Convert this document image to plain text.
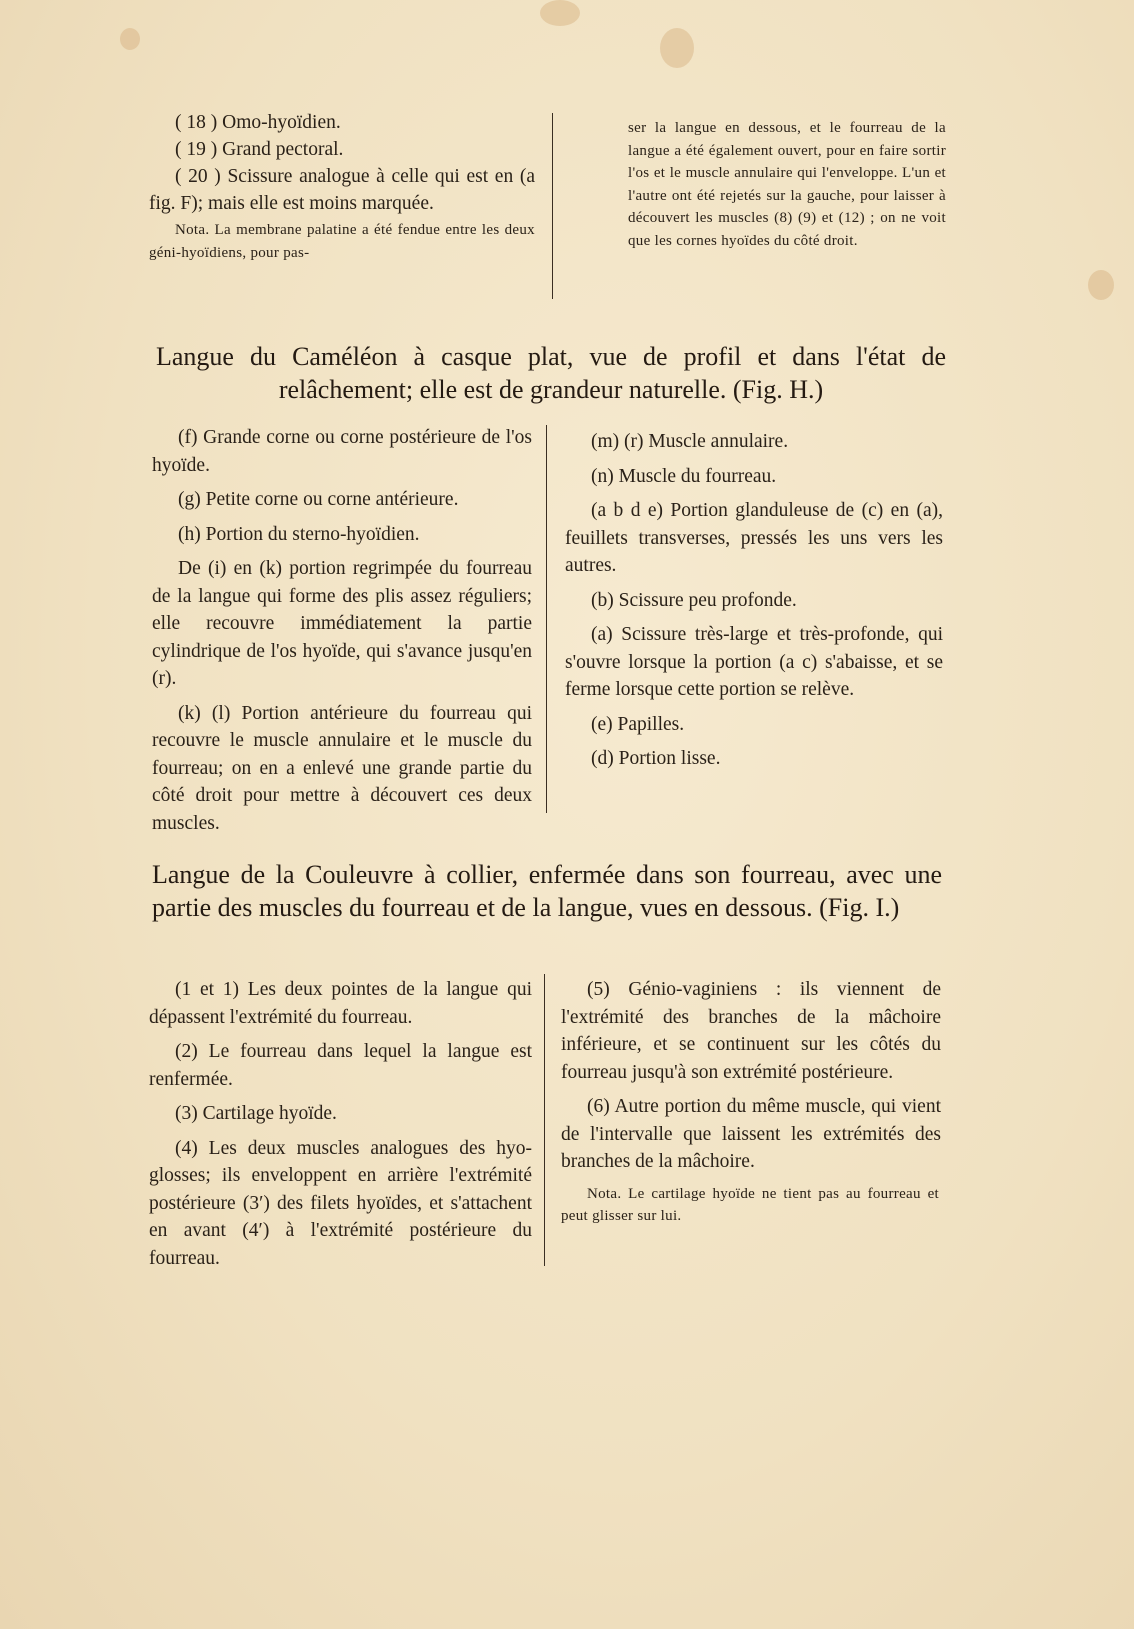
( 18 ) Omo-hyoïdien.

( 19 ) Grand pectoral.

( 20 ) Scissure analogue à celle qui est en (a fig. F); mais elle est moins marquée.

Nota. La membrane palatine a été fendue entre les deux géni-hyoïdiens, pour pas-

ser la langue en dessous, et le fourreau de la langue a été également ouvert, pour en faire sortir l'os et le muscle annulaire qui l'enveloppe. L'un et l'autre ont été rejetés sur la gauche, pour laisser à découvert les muscles (8) (9) et (12) ; on ne voit que les cornes hyoïdes du côté droit.

Langue du Caméléon à casque plat, vue de profil et dans l'état de relâchement; elle est de grandeur naturelle. (Fig. H.)

(f) Grande corne ou corne postérieure de l'os hyoïde.

(g) Petite corne ou corne antérieure.

(h) Portion du sterno-hyoïdien.

De (i) en (k) portion regrimpée du fourreau de la langue qui forme des plis assez réguliers; elle recouvre immédiatement la partie cylindrique de l'os hyoïde, qui s'avance jusqu'en (r).

(k) (l) Portion antérieure du fourreau qui recouvre le muscle annulaire et le muscle du fourreau; on en a enlevé une grande partie du côté droit pour mettre à découvert ces deux muscles.

(m) (r) Muscle annulaire.

(n) Muscle du fourreau.

(a b d e) Portion glanduleuse de (c) en (a), feuillets transverses, pressés les uns vers les autres.

(b) Scissure peu profonde.

(a) Scissure très-large et très-profonde, qui s'ouvre lorsque la portion (a c) s'abaisse, et se ferme lorsque cette portion se relève.

(e) Papilles.

(d) Portion lisse.

Langue de la Couleuvre à collier, enfermée dans son fourreau, avec une partie des muscles du fourreau et de la langue, vues en dessous. (Fig. I.)

(1 et 1) Les deux pointes de la langue qui dépassent l'extrémité du fourreau.

(2) Le fourreau dans lequel la langue est renfermée.

(3) Cartilage hyoïde.

(4) Les deux muscles analogues des hyo-glosses; ils enveloppent en arrière l'extrémité postérieure (3′) des filets hyoïdes, et s'attachent en avant (4′) à l'extrémité postérieure du fourreau.

(5) Génio-vaginiens : ils viennent de l'extrémité des branches de la mâchoire inférieure, et se continuent sur les côtés du fourreau jusqu'à son extrémité postérieure.

(6) Autre portion du même muscle, qui vient de l'intervalle que laissent les extrémités des branches de la mâchoire.

Nota. Le cartilage hyoïde ne tient pas au fourreau et peut glisser sur lui.
